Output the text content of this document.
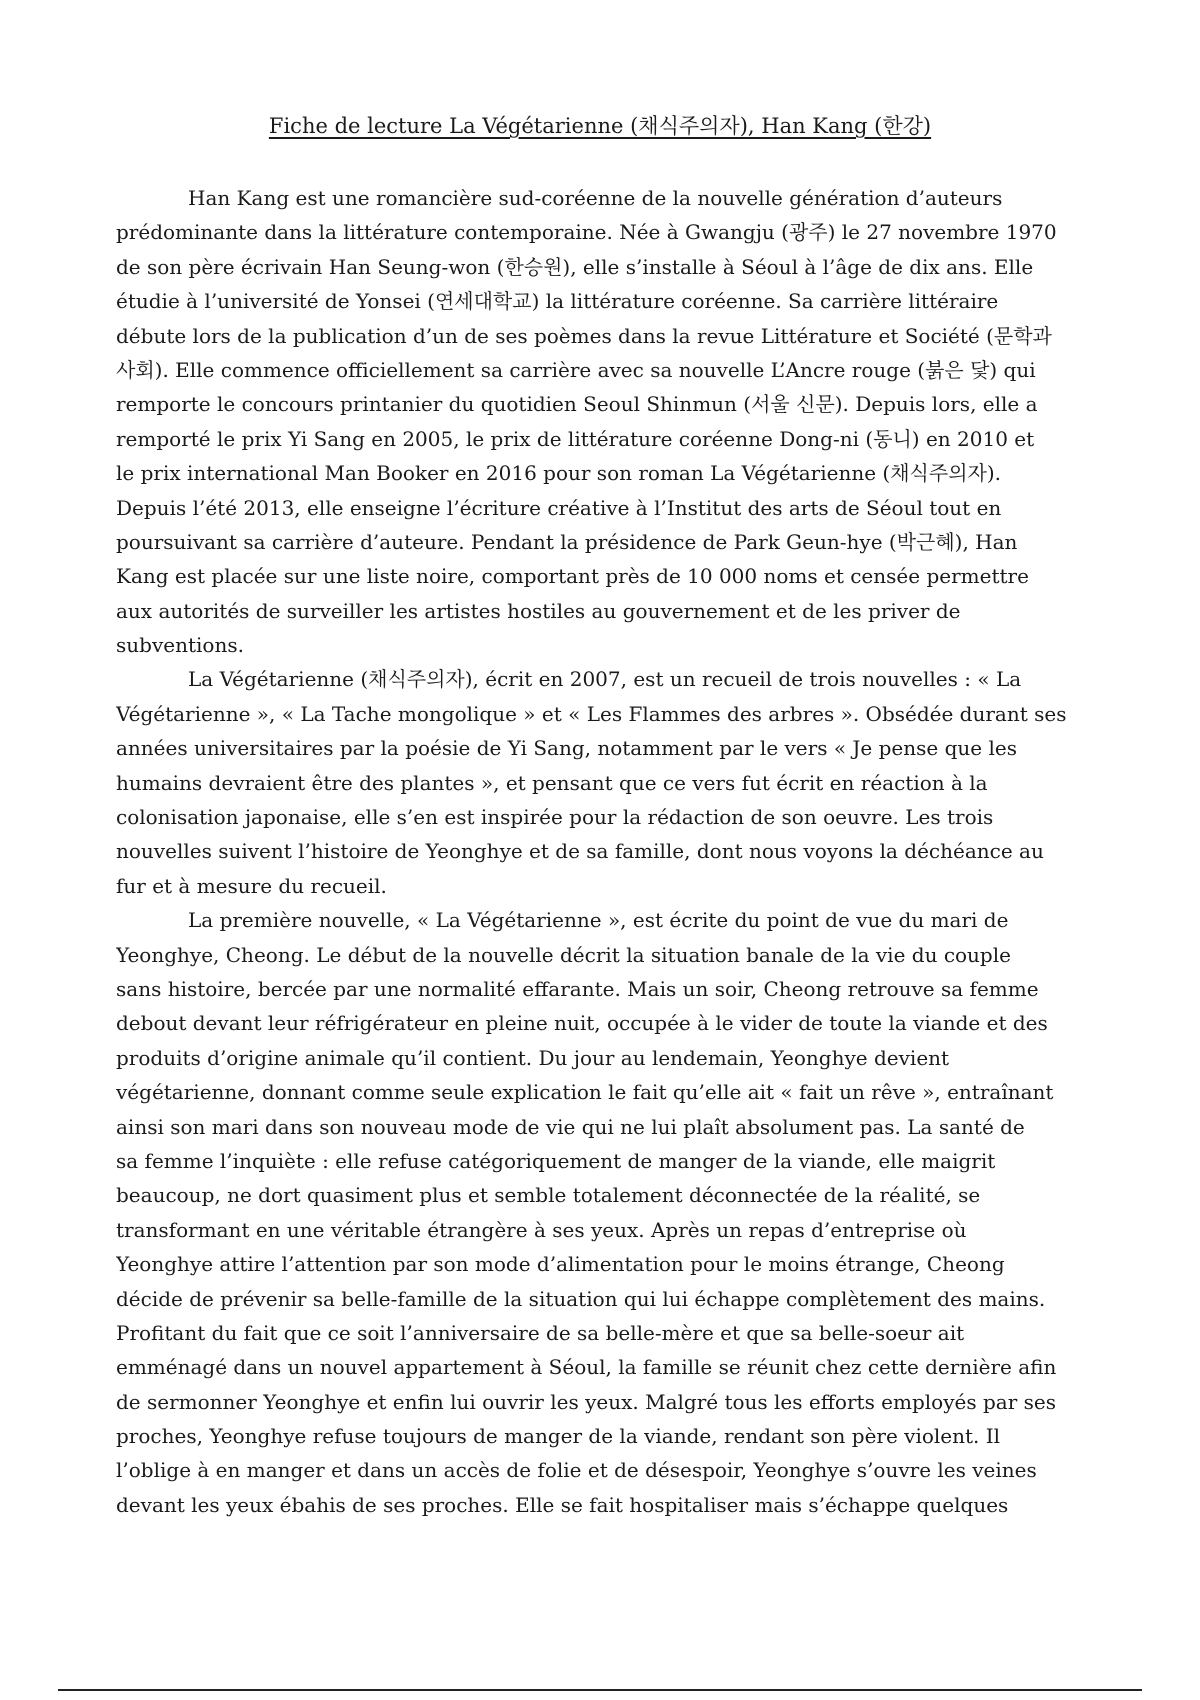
Fiche de lecture La Végétarienne (채식주의자), Han Kang (한강)
Han Kang est une romancière sud-coréenne de la nouvelle génération d’auteurs
prédominante dans la littérature contemporaine. Née à Gwangju (광주) le 27 novembre 1970
de son père écrivain Han Seung-won (한승원), elle s’installe à Séoul à l’âge de dix ans. Elle
étudie à l’université de Yonsei (연세대학교) la littérature coréenne. Sa carrière littéraire
débute lors de la publication d’un de ses poèmes dans la revue Littérature et Société (문학과
사회). Elle commence officiellement sa carrière avec sa nouvelle L’Ancre rouge (붉은 닻) qui
remporte le concours printanier du quotidien Seoul Shinmun (서울 신문). Depuis lors, elle a
remporté le prix Yi Sang en 2005, le prix de littérature coréenne Dong-ni (동니) en 2010 et
le prix international Man Booker en 2016 pour son roman La Végétarienne (채식주의자).
Depuis l’été 2013, elle enseigne l’écriture créative à l’Institut des arts de Séoul tout en
poursuivant sa carrière d’auteure. Pendant la présidence de Park Geun-hye (박근혜), Han
Kang est placée sur une liste noire, comportant près de 10 000 noms et censée permettre
aux autorités de surveiller les artistes hostiles au gouvernement et de les priver de
subventions.
La Végétarienne (채식주의자), écrit en 2007, est un recueil de trois nouvelles : « La
Végétarienne », « La Tache mongolique » et « Les Flammes des arbres ». Obsédée durant ses
années universitaires par la poésie de Yi Sang, notamment par le vers « Je pense que les
humains devraient être des plantes », et pensant que ce vers fut écrit en réaction à la
colonisation japonaise, elle s’en est inspirée pour la rédaction de son oeuvre. Les trois
nouvelles suivent l’histoire de Yeonghye et de sa famille, dont nous voyons la déchéance au
fur et à mesure du recueil.
La première nouvelle, « La Végétarienne », est écrite du point de vue du mari de
Yeonghye, Cheong. Le début de la nouvelle décrit la situation banale de la vie du couple
sans histoire, bercée par une normalité effarante. Mais un soir, Cheong retrouve sa femme
debout devant leur réfrigérateur en pleine nuit, occupée à le vider de toute la viande et des
produits d’origine animale qu’il contient. Du jour au lendemain, Yeonghye devient
végétarienne, donnant comme seule explication le fait qu’elle ait « fait un rêve », entraînant
ainsi son mari dans son nouveau mode de vie qui ne lui plaît absolument pas. La santé de
sa femme l’inquiète : elle refuse catégoriquement de manger de la viande, elle maigrit
beaucoup, ne dort quasiment plus et semble totalement déconnectée de la réalité, se
transformant en une véritable étrangère à ses yeux. Après un repas d’entreprise où
Yeonghye attire l’attention par son mode d’alimentation pour le moins étrange, Cheong
décide de prévenir sa belle-famille de la situation qui lui échappe complètement des mains.
Profitant du fait que ce soit l’anniversaire de sa belle-mère et que sa belle-soeur ait
emménagé dans un nouvel appartement à Séoul, la famille se réunit chez cette dernière afin
de sermonner Yeonghye et enfin lui ouvrir les yeux. Malgré tous les efforts employés par ses
proches, Yeonghye refuse toujours de manger de la viande, rendant son père violent. Il
l’oblige à en manger et dans un accès de folie et de désespoir, Yeonghye s’ouvre les veines
devant les yeux ébahis de ses proches. Elle se fait hospitaliser mais s’échappe quelques
